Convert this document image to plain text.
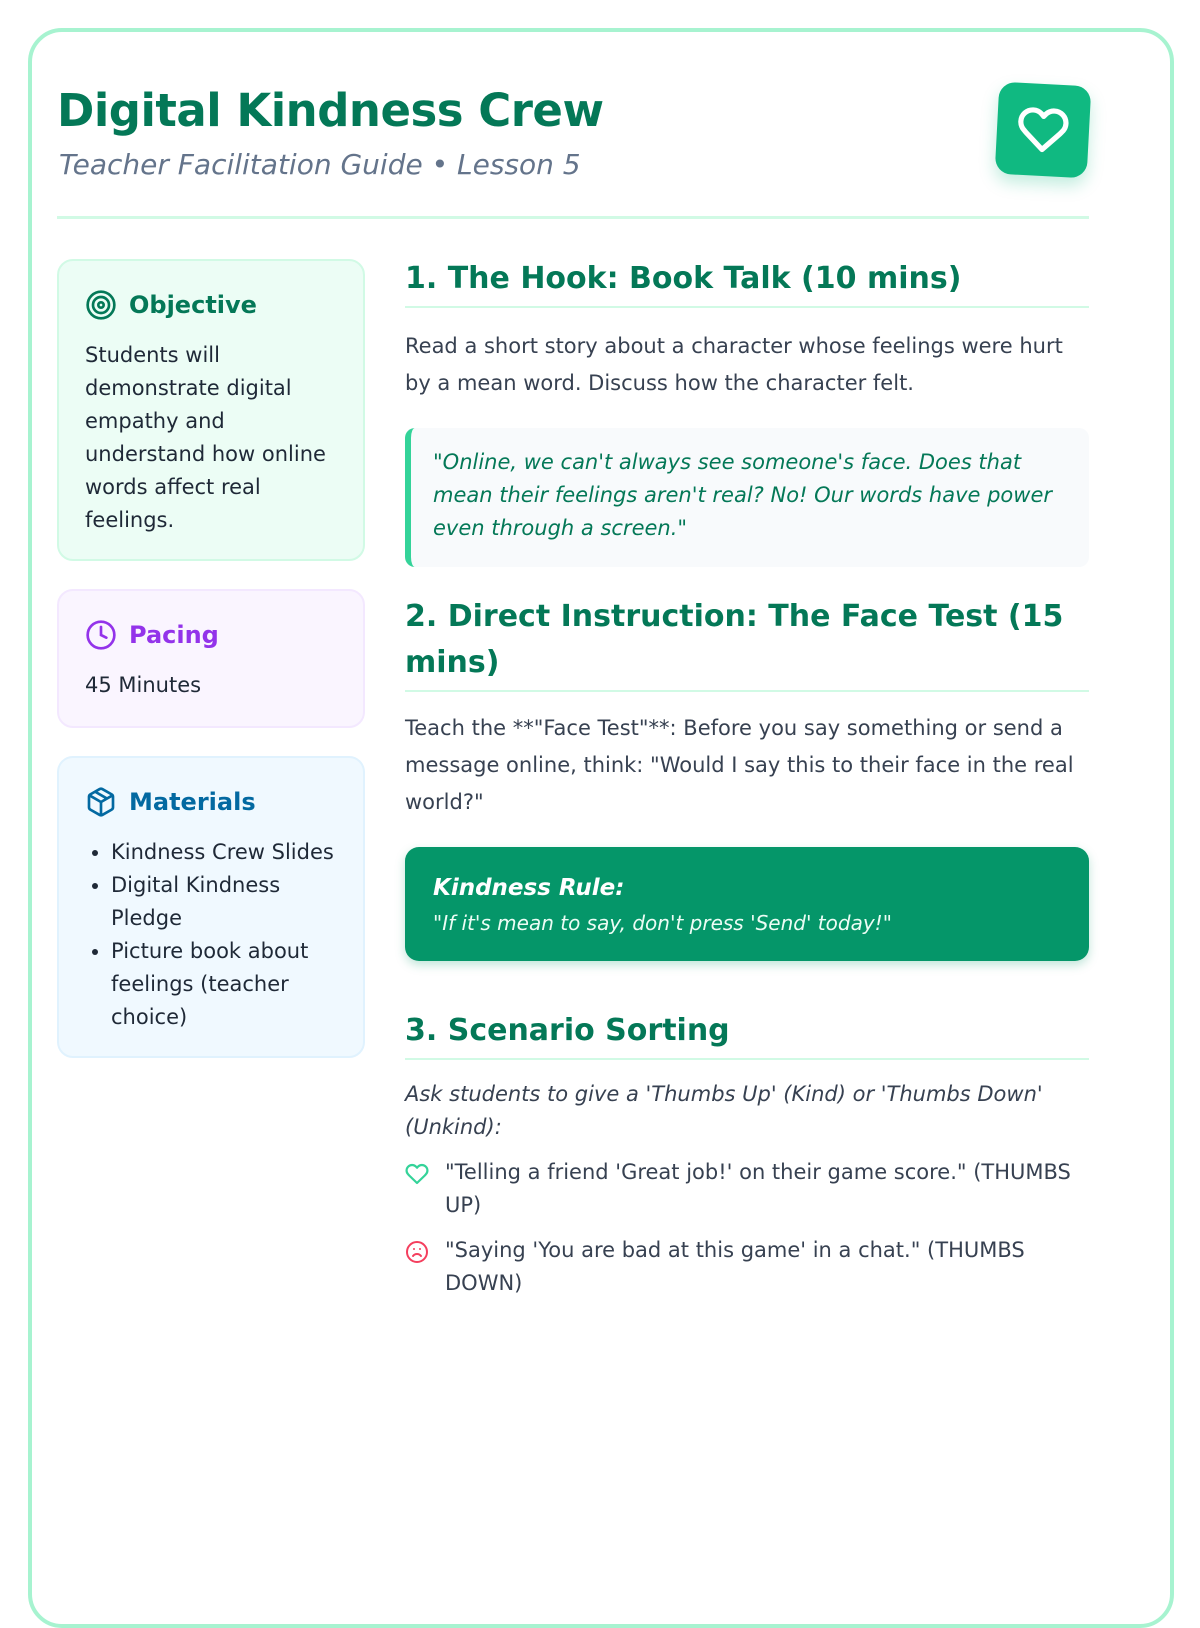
Digital Kindness Crew

Teacher Facilitation Guide • Lesson 5

Objective

Students will demonstrate digital empathy and understand how online words affect real feelings.

Pacing

45 Minutes

Materials
• Kindness Crew Slides
• Digital Kindness Pledge
• Picture book about feelings (teacher choice)
1. The Hook: Book Talk (10 mins)

Read a short story about a character whose feelings were hurt by a mean word. Discuss how the character felt.

"Online, we can't always see someone's face. Does that mean their feelings aren't real? No! Our words have power even through a screen."

2. Direct Instruction: The Face Test (15 mins)

Teach the **"Face Test"**: Before you say something or send a message online, think: "Would I say this to their face in the real world?"

Kindness Rule:

"If it's mean to say, don't press 'Send' today!"

3. Scenario Sorting

Ask students to give a 'Thumbs Up' (Kind) or 'Thumbs Down' (Unkind):

"Telling a friend 'Great job!' on their game score." (THUMBS UP)
"Saying 'You are bad at this game' in a chat." (THUMBS DOWN)
